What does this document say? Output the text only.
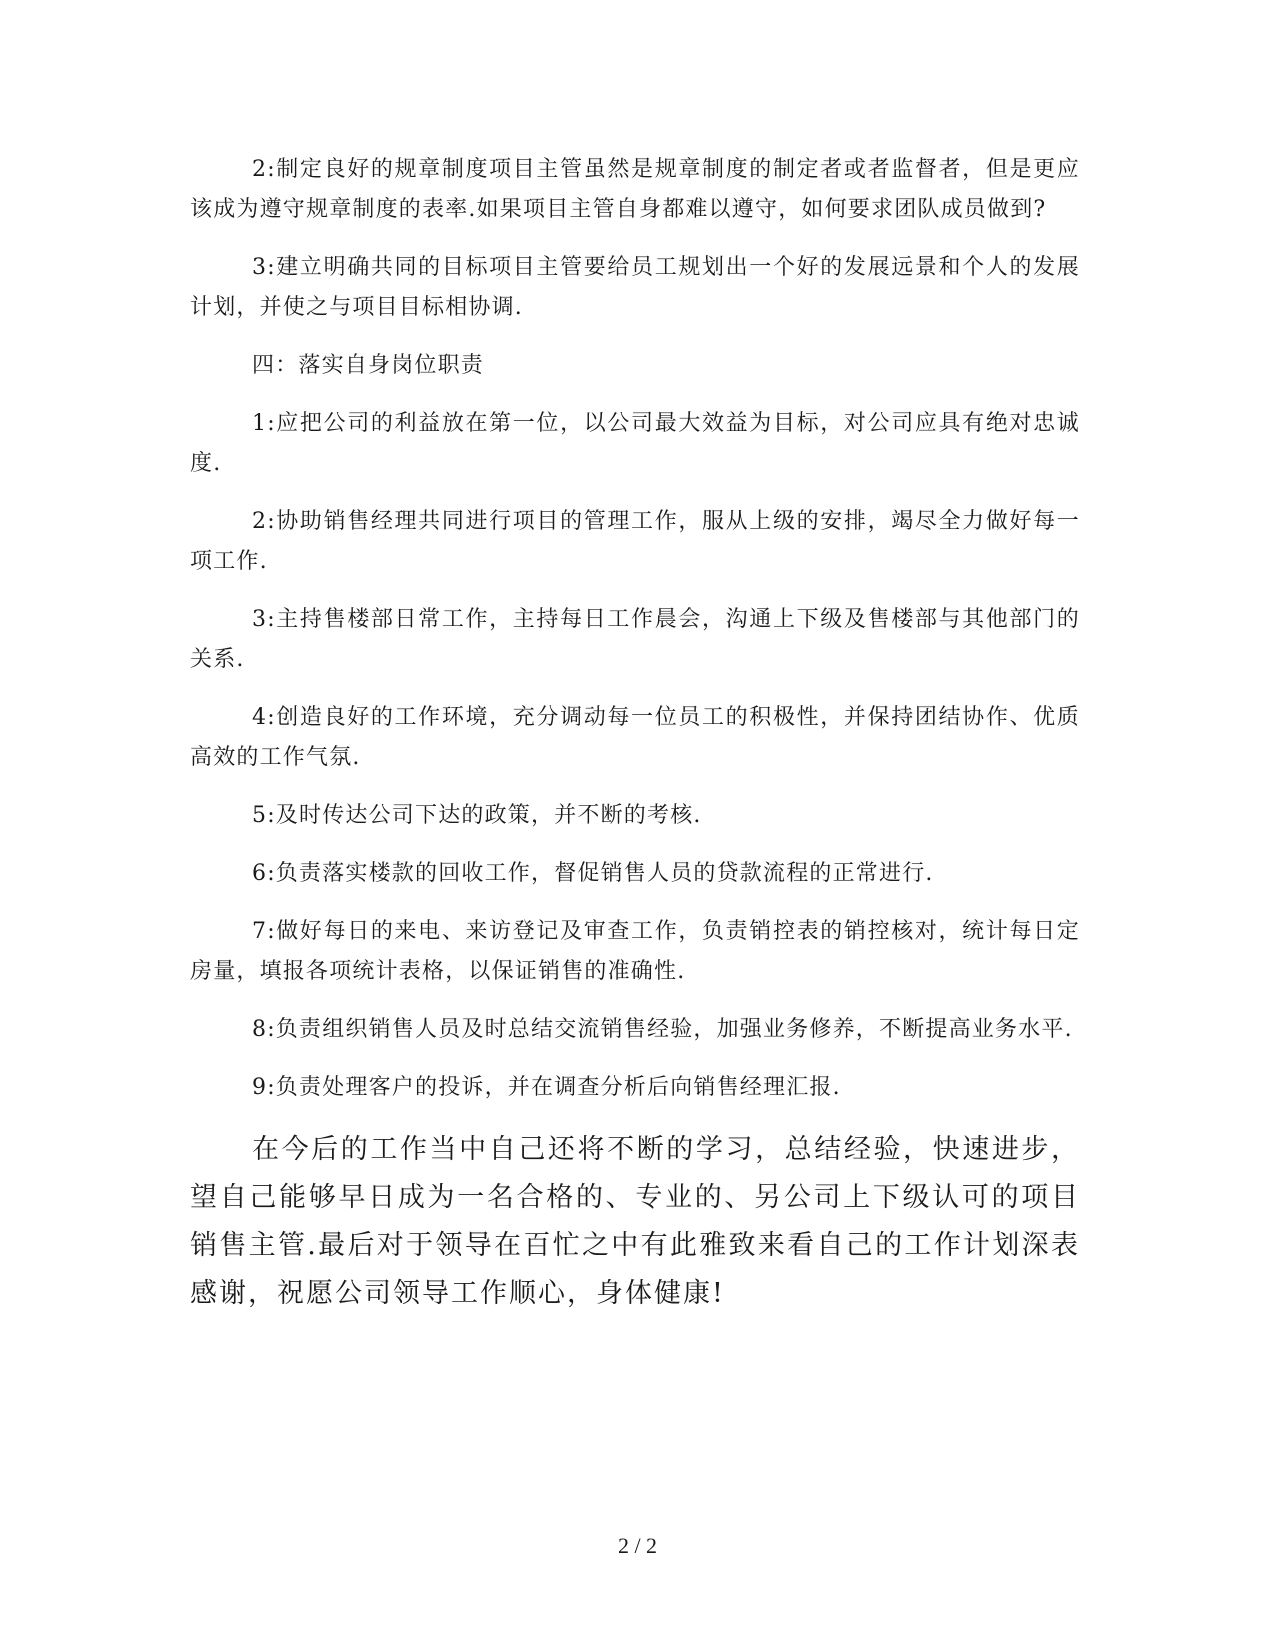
2:制定良好的规章制度项目主管虽然是规章制度的制定者或者监督者，但是更应该成为遵守规章制度的表率.如果项目主管自身都难以遵守，如何要求团队成员做到?

3:建立明确共同的目标项目主管要给员工规划出一个好的发展远景和个人的发展计划，并使之与项目目标相协调.

四：落实自身岗位职责

1:应把公司的利益放在第一位，以公司最大效益为目标，对公司应具有绝对忠诚度.

2:协助销售经理共同进行项目的管理工作，服从上级的安排，竭尽全力做好每一项工作.

3:主持售楼部日常工作，主持每日工作晨会，沟通上下级及售楼部与其他部门的关系.

4:创造良好的工作环境，充分调动每一位员工的积极性，并保持团结协作、优质高效的工作气氛.

5:及时传达公司下达的政策，并不断的考核.

6:负责落实楼款的回收工作，督促销售人员的贷款流程的正常进行.

7:做好每日的来电、来访登记及审查工作，负责销控表的销控核对，统计每日定房量，填报各项统计表格，以保证销售的准确性.

8:负责组织销售人员及时总结交流销售经验，加强业务修养，不断提高业务水平.

9:负责处理客户的投诉，并在调查分析后向销售经理汇报.

在今后的工作当中自己还将不断的学习，总结经验，快速进步，望自己能够早日成为一名合格的、专业的、另公司上下级认可的项目销售主管.最后对于领导在百忙之中有此雅致来看自己的工作计划深表感谢，祝愿公司领导工作顺心，身体健康!

2 / 2
